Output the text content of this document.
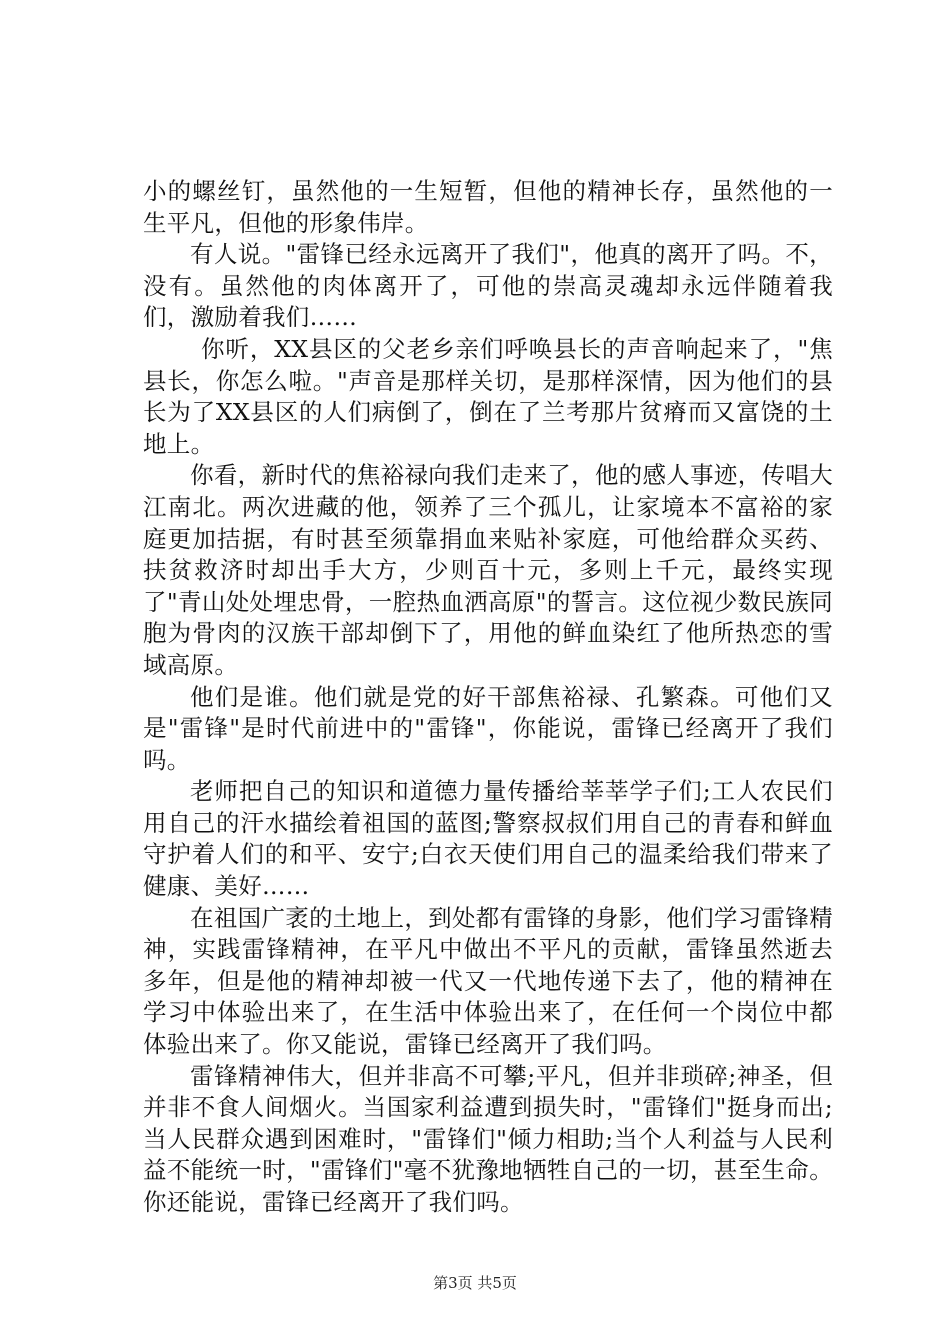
小的螺丝钉，虽然他的一生短暂，但他的精神长存，虽然他的一生平凡，但他的形象伟岸。

有人说。"雷锋已经永远离开了我们"，他真的离开了吗。不，没有。虽然他的肉体离开了，可他的崇高灵魂却永远伴随着我们，激励着我们……

你听，XX县区的父老乡亲们呼唤县长的声音响起来了，"焦县长，你怎么啦。"声音是那样关切，是那样深情，因为他们的县长为了XX县区的人们病倒了，倒在了兰考那片贫瘠而又富饶的土地上。

你看，新时代的焦裕禄向我们走来了，他的感人事迹，传唱大江南北。两次进藏的他，领养了三个孤儿，让家境本不富裕的家庭更加拮据，有时甚至须靠捐血来贴补家庭，可他给群众买药、扶贫救济时却出手大方，少则百十元，多则上千元，最终实现了"青山处处埋忠骨，一腔热血洒高原"的誓言。这位视少数民族同胞为骨肉的汉族干部却倒下了，用他的鲜血染红了他所热恋的雪域高原。

他们是谁。他们就是党的好干部焦裕禄、孔繁森。可他们又是"雷锋"是时代前进中的"雷锋"，你能说，雷锋已经离开了我们吗。

老师把自己的知识和道德力量传播给莘莘学子们;工人农民们用自己的汗水描绘着祖国的蓝图;警察叔叔们用自己的青春和鲜血守护着人们的和平、安宁;白衣天使们用自己的温柔给我们带来了健康、美好……

在祖国广袤的土地上，到处都有雷锋的身影，他们学习雷锋精神，实践雷锋精神，在平凡中做出不平凡的贡献，雷锋虽然逝去多年，但是他的精神却被一代又一代地传递下去了，他的精神在学习中体验出来了，在生活中体验出来了，在任何一个岗位中都体验出来了。你又能说，雷锋已经离开了我们吗。

雷锋精神伟大，但并非高不可攀;平凡，但并非琐碎;神圣，但并非不食人间烟火。当国家利益遭到损失时，"雷锋们"挺身而出;当人民群众遇到困难时，"雷锋们"倾力相助;当个人利益与人民利益不能统一时，"雷锋们"毫不犹豫地牺牲自己的一切，甚至生命。你还能说，雷锋已经离开了我们吗。

第3页 共5页
